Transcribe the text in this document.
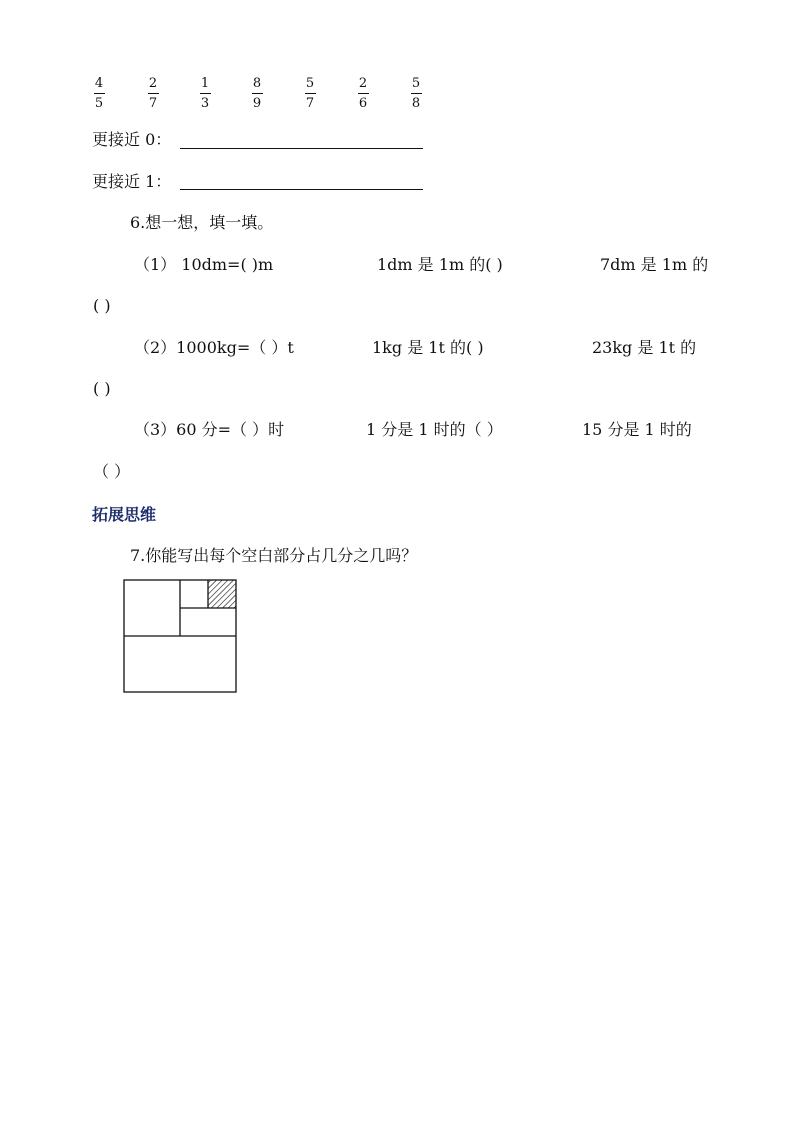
4
5
2
7
1
3
8
9
5
7
2
6
5
8
更接近 0：
更接近 1：
6.想一想，填一填。
（1） 10dm=( )m	1dm 是 1m 的( )	7dm 是 1m 的
( )
（2）1000kg=（ ）t	1kg 是 1t 的( )	23kg 是 1t 的
( )
（3）60 分=（ ）时	1 分是 1 时的（ ）	15 分是 1 时的
（ ）
拓展思维
7.你能写出每个空白部分占几分之几吗？
